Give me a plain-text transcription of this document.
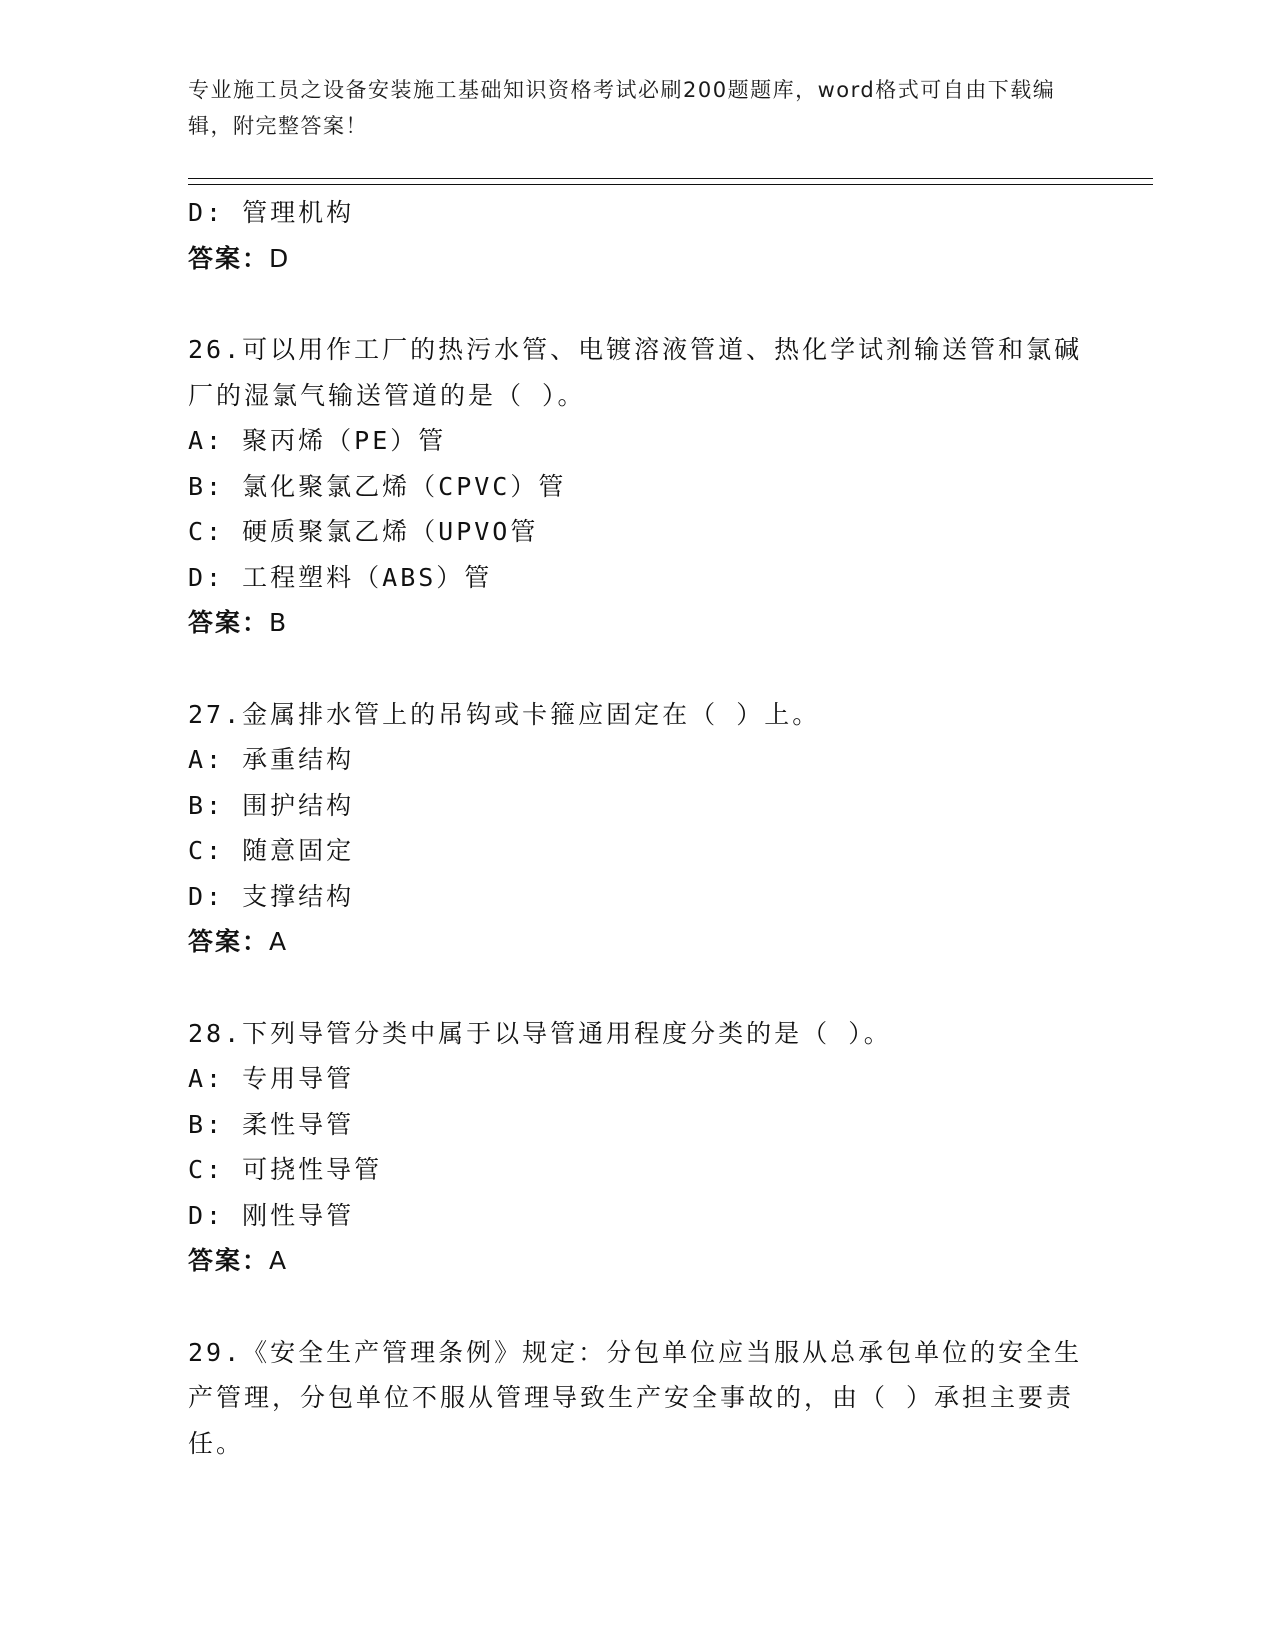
专业施工员之设备安装施工基础知识资格考试必刷200题题库，word格式可自由下载编辑，附完整答案！
D: 管理机构
答案：D
26.可以用作工厂的热污水管、电镀溶液管道、热化学试剂输送管和氯碱厂的湿氯气输送管道的是（ ）。
A: 聚丙烯（PE）管
B: 氯化聚氯乙烯（CPVC）管
C: 硬质聚氯乙烯（UPVO管
D: 工程塑料（ABS）管
答案：B
27.金属排水管上的吊钩或卡箍应固定在（ ）上。
A: 承重结构
B: 围护结构
C: 随意固定
D: 支撑结构
答案：A
28.下列导管分类中属于以导管通用程度分类的是（ ）。
A: 专用导管
B: 柔性导管
C: 可挠性导管
D: 刚性导管
答案：A
29.《安全生产管理条例》规定：分包单位应当服从总承包单位的安全生产管理，分包单位不服从管理导致生产安全事故的，由（ ）承担主要责任。
